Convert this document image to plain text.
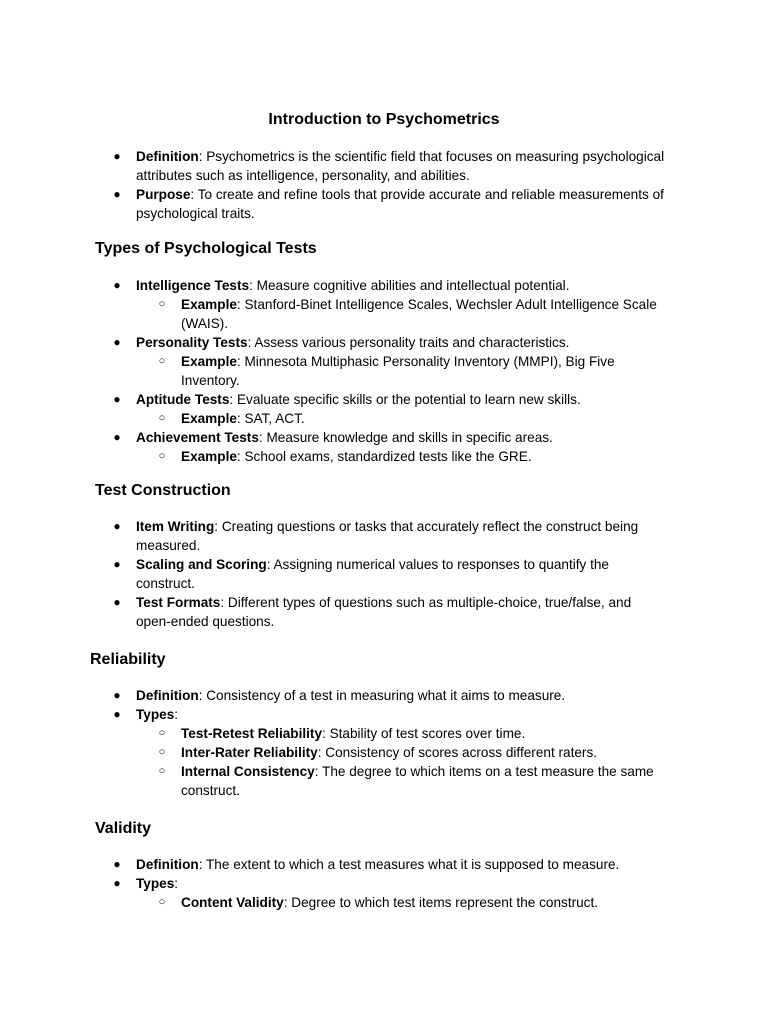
Introduction to Psychometrics
● Definition: Psychometrics is the scientific field that focuses on measuring psychological attributes such as intelligence, personality, and abilities.
● Purpose: To create and refine tools that provide accurate and reliable measurements of psychological traits.
Types of Psychological Tests
● Intelligence Tests: Measure cognitive abilities and intellectual potential.
○ Example: Stanford-Binet Intelligence Scales, Wechsler Adult Intelligence Scale (WAIS).
● Personality Tests: Assess various personality traits and characteristics.
○ Example: Minnesota Multiphasic Personality Inventory (MMPI), Big Five Inventory.
● Aptitude Tests: Evaluate specific skills or the potential to learn new skills.
○ Example: SAT, ACT.
● Achievement Tests: Measure knowledge and skills in specific areas.
○ Example: School exams, standardized tests like the GRE.
Test Construction
● Item Writing: Creating questions or tasks that accurately reflect the construct being measured.
● Scaling and Scoring: Assigning numerical values to responses to quantify the construct.
● Test Formats: Different types of questions such as multiple-choice, true/false, and open-ended questions.
Reliability
● Definition: Consistency of a test in measuring what it aims to measure.
● Types:
○ Test-Retest Reliability: Stability of test scores over time.
○ Inter-Rater Reliability: Consistency of scores across different raters.
○ Internal Consistency: The degree to which items on a test measure the same construct.
Validity
● Definition: The extent to which a test measures what it is supposed to measure.
● Types:
○ Content Validity: Degree to which test items represent the construct.
